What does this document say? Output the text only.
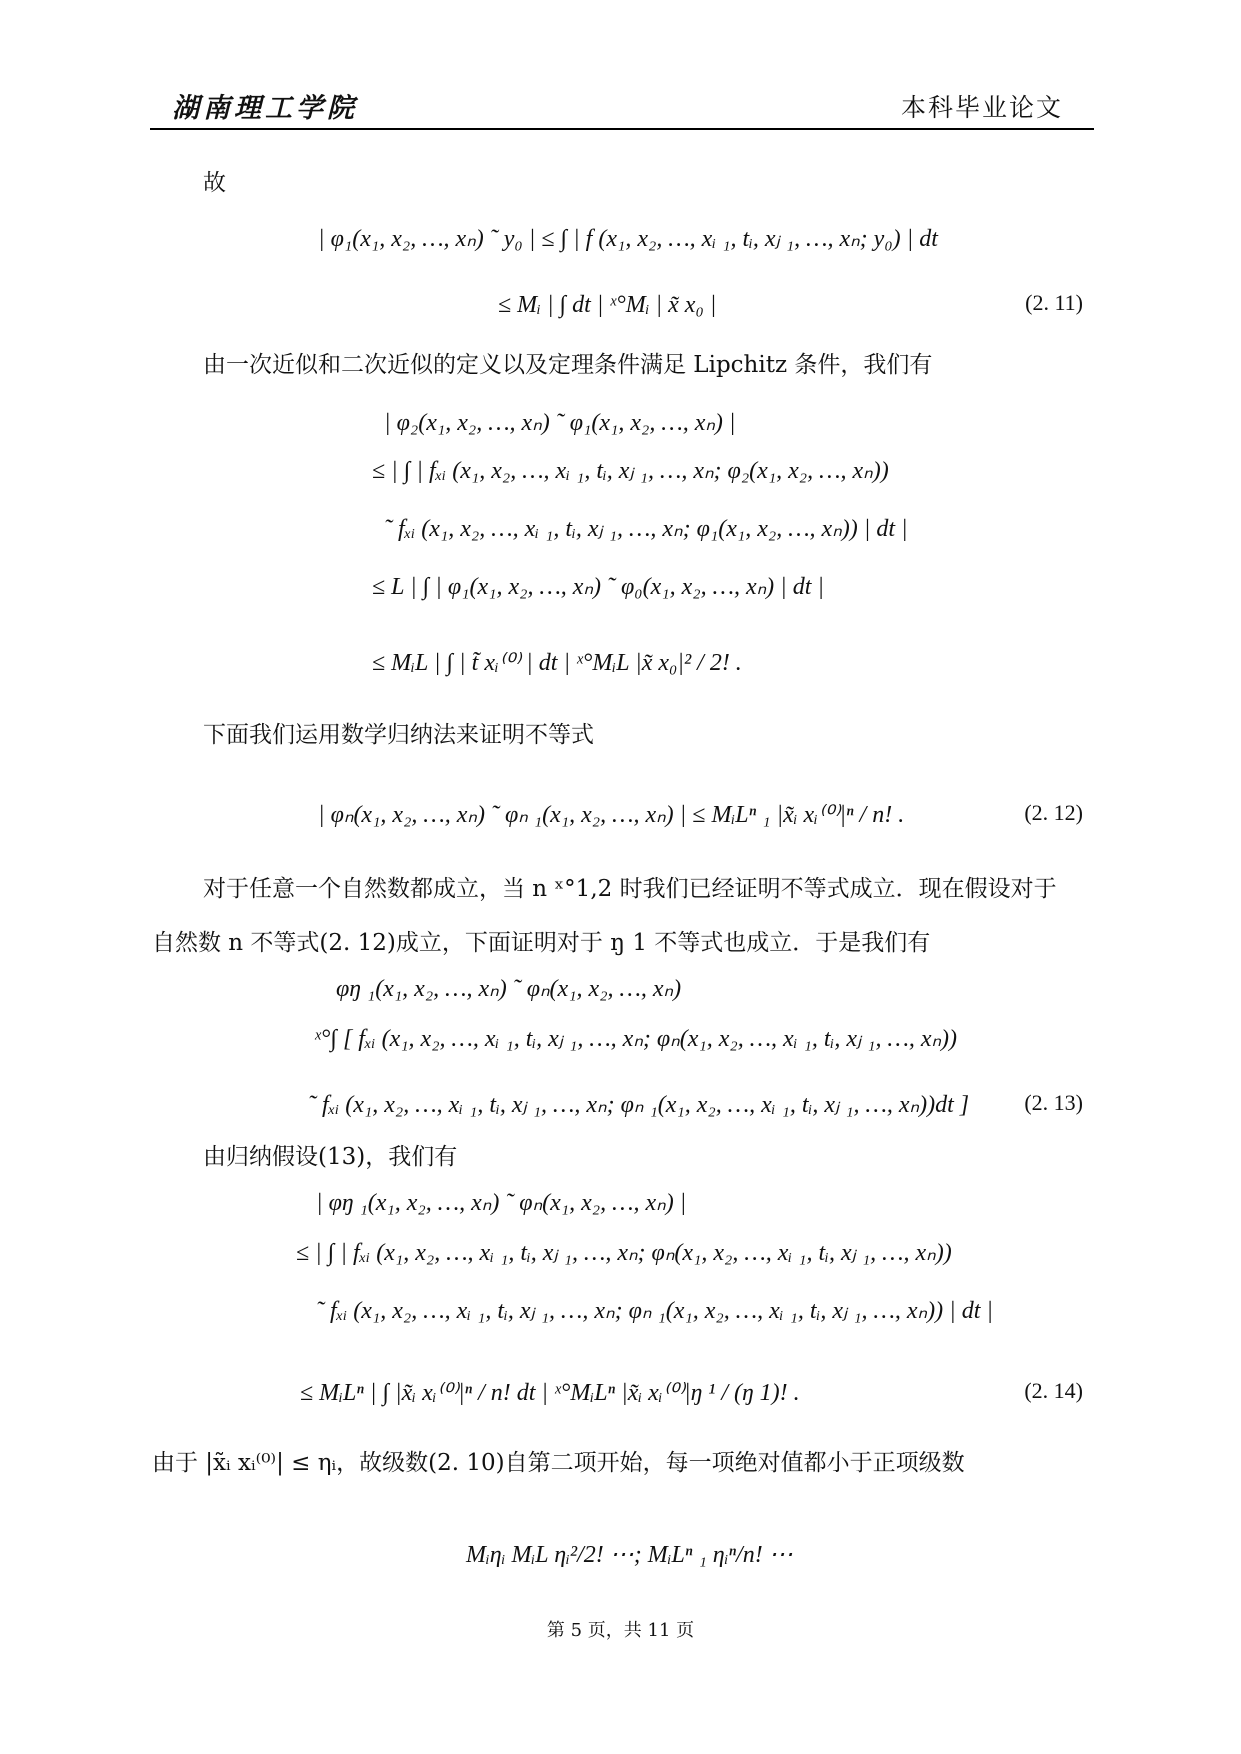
湖南理工学院	本科毕业论文
故
| φ₁(x₁, x₂, …, xₙ) ˜ y₀ | ≤ ∫ | f (x₁, x₂, …, xᵢ ₁, tᵢ, xⱼ ₁, …, xₙ; y₀) | dt
≤ Mᵢ | ∫ dt | ˣ°Mᵢ | x̃ x₀ |	(2. 11)
由一次近似和二次近似的定义以及定理条件满足 Lipchitz 条件，我们有
| φ₂(x₁, x₂, …, xₙ) ˜ φ₁(x₁, x₂, …, xₙ) |
≤ | ∫ | fₓᵢ (x₁, x₂, …, xᵢ ₁, tᵢ, xⱼ ₁, …, xₙ; φ₂(x₁, x₂, …, xₙ))
˜ fₓᵢ (x₁, x₂, …, xᵢ ₁, tᵢ, xⱼ ₁, …, xₙ; φ₁(x₁, x₂, …, xₙ)) | dt |
≤ L | ∫ | φ₁(x₁, x₂, …, xₙ) ˜ φ₀(x₁, x₂, …, xₙ) | dt |
≤ MᵢL | ∫ | t̃ xᵢ⁽⁰⁾ | dt | ˣ°MᵢL |x̃ x₀|² / 2! .
下面我们运用数学归纳法来证明不等式
| φₙ(x₁, x₂, …, xₙ) ˜ φₙ ₁(x₁, x₂, …, xₙ) | ≤ MᵢLⁿ ₁ |x̃ᵢ xᵢ⁽⁰⁾|ⁿ / n! .	(2. 12)
对于任意一个自然数都成立，当 n ˣ°1,2 时我们已经证明不等式成立．现在假设对于
自然数 n 不等式(2. 12)成立，下面证明对于 ŋ 1 不等式也成立．于是我们有
φŋ ₁(x₁, x₂, …, xₙ) ˜ φₙ(x₁, x₂, …, xₙ)
ˣ°∫ [ fₓᵢ (x₁, x₂, …, xᵢ ₁, tᵢ, xⱼ ₁, …, xₙ; φₙ(x₁, x₂, …, xᵢ ₁, tᵢ, xⱼ ₁, …, xₙ))
˜ fₓᵢ (x₁, x₂, …, xᵢ ₁, tᵢ, xⱼ ₁, …, xₙ; φₙ ₁(x₁, x₂, …, xᵢ ₁, tᵢ, xⱼ ₁, …, xₙ))dt ]	(2. 13)
由归纳假设(13)，我们有
| φŋ ₁(x₁, x₂, …, xₙ) ˜ φₙ(x₁, x₂, …, xₙ) |
≤ | ∫ | fₓᵢ (x₁, x₂, …, xᵢ ₁, tᵢ, xⱼ ₁, …, xₙ; φₙ(x₁, x₂, …, xᵢ ₁, tᵢ, xⱼ ₁, …, xₙ))
˜ fₓᵢ (x₁, x₂, …, xᵢ ₁, tᵢ, xⱼ ₁, …, xₙ; φₙ ₁(x₁, x₂, …, xᵢ ₁, tᵢ, xⱼ ₁, …, xₙ)) | dt |
≤ MᵢLⁿ | ∫ |x̃ᵢ xᵢ⁽⁰⁾|ⁿ / n! dt | ˣ°MᵢLⁿ |x̃ᵢ xᵢ⁽⁰⁾|ŋ ¹ / (ŋ 1)! .	(2. 14)
由于 |x̃ᵢ xᵢ⁽⁰⁾| ≤ ηᵢ，故级数(2. 10)自第二项开始，每一项绝对值都小于正项级数
Mᵢηᵢ MᵢL ηᵢ²/2! ⋯; MᵢLⁿ ₁ ηᵢⁿ/n! ⋯
第 5 页，共 11 页
